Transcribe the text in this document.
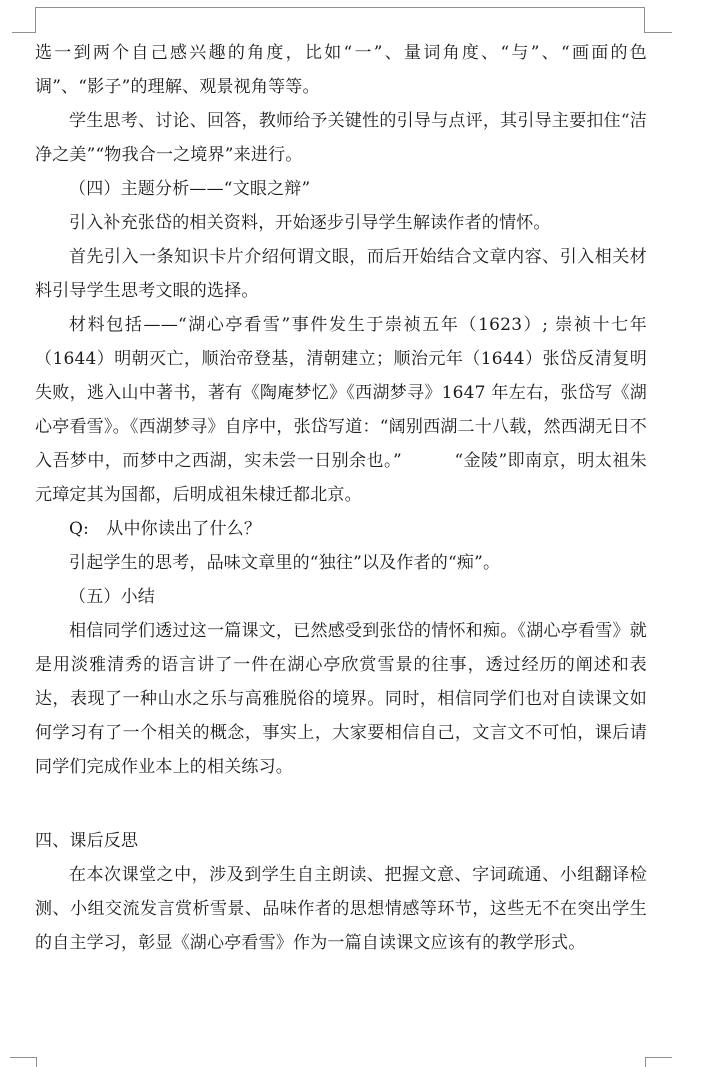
选一到两个自己感兴趣的角度，比如“一”、量词角度、“与”、“画面的色调”、“影子”的理解、观景视角等等。

学生思考、讨论、回答，教师给予关键性的引导与点评，其引导主要扣住“洁净之美”“物我合一之境界”来进行。

（四）主题分析——“文眼之辩”

引入补充张岱的相关资料，开始逐步引导学生解读作者的情怀。

首先引入一条知识卡片介绍何谓文眼，而后开始结合文章内容、引入相关材料引导学生思考文眼的选择。

材料包括——“湖心亭看雪”事件发生于崇祯五年（1623）; 崇祯十七年（1644）明朝灭亡，顺治帝登基，清朝建立；顺治元年（1644）张岱反清复明失败，逃入山中著书，著有《陶庵梦忆》《西湖梦寻》1647 年左右，张岱写《湖心亭看雪》。《西湖梦寻》自序中，张岱写道：“阔别西湖二十八载，然西湖无日不入吾梦中，而梦中之西湖，实未尝一日别余也。”　　　“金陵”即南京，明太祖朱元璋定其为国都，后明成祖朱棣迁都北京。

Q:　从中你读出了什么？

引起学生的思考，品味文章里的“独往”以及作者的“痴”。

（五）小结

相信同学们透过这一篇课文，已然感受到张岱的情怀和痴。《湖心亭看雪》就是用淡雅清秀的语言讲了一件在湖心亭欣赏雪景的往事，透过经历的阐述和表达，表现了一种山水之乐与高雅脱俗的境界。同时，相信同学们也对自读课文如何学习有了一个相关的概念，事实上，大家要相信自己，文言文不可怕，课后请同学们完成作业本上的相关练习。

四、课后反思

在本次课堂之中，涉及到学生自主朗读、把握文意、字词疏通、小组翻译检测、小组交流发言赏析雪景、品味作者的思想情感等环节，这些无不在突出学生的自主学习，彰显《湖心亭看雪》作为一篇自读课文应该有的教学形式。
